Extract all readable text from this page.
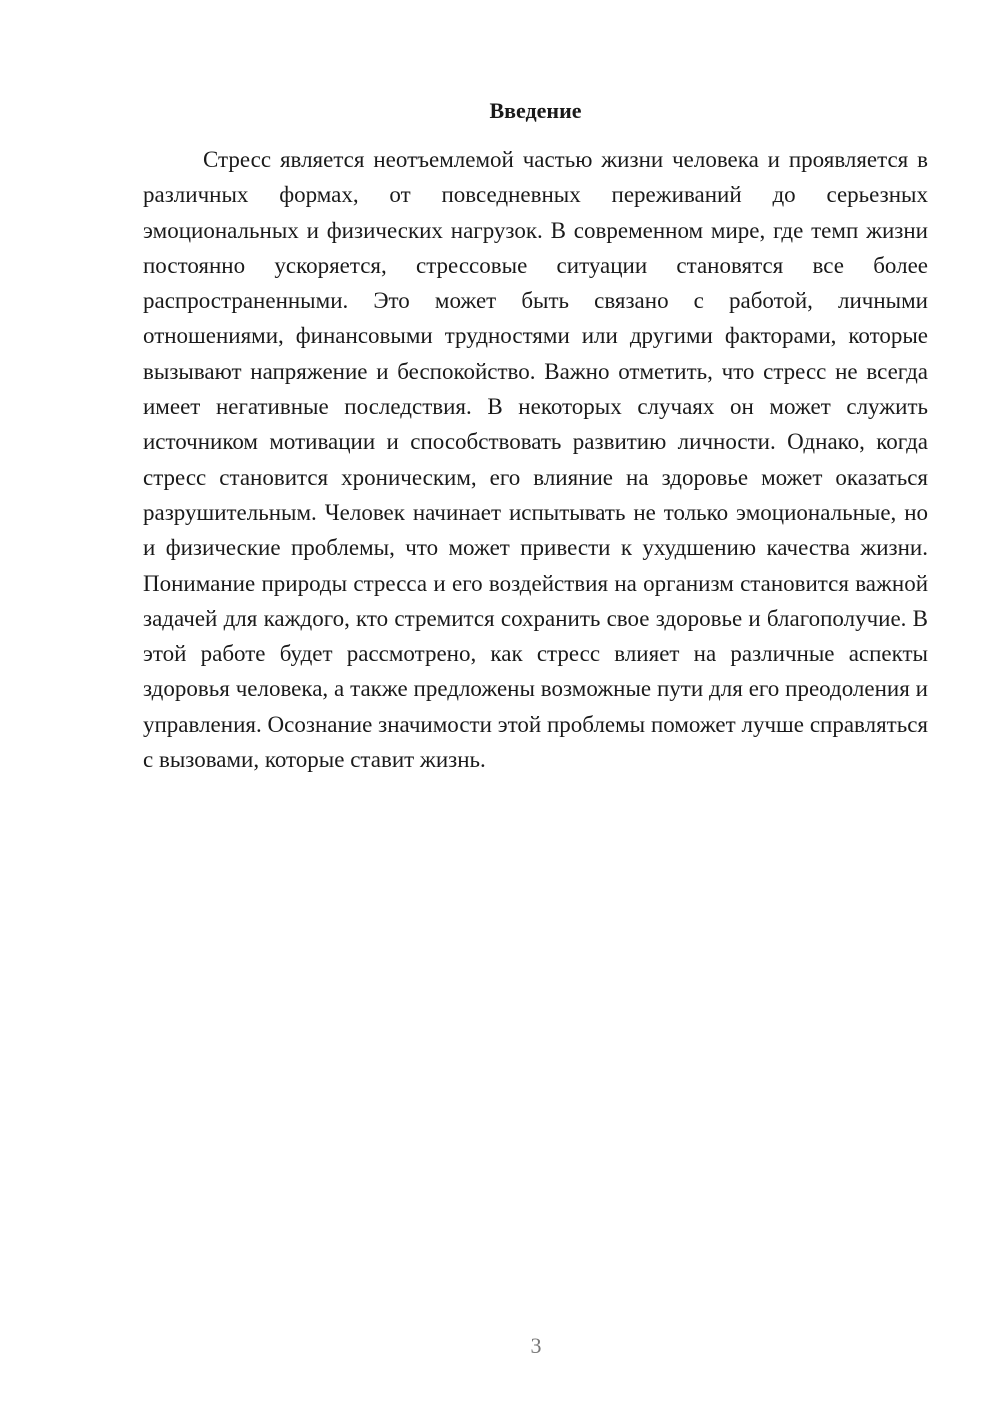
Введение

Стресс является неотъемлемой частью жизни человека и проявляется в различных формах, от повседневных переживаний до серьезных эмоциональных и физических нагрузок. В современном мире, где темп жизни постоянно ускоряется, стрессовые ситуации становятся все более распространенными. Это может быть связано с работой, личными отношениями, финансовыми трудностями или другими факторами, которые вызывают напряжение и беспокойство. Важно отметить, что стресс не всегда имеет негативные последствия. В некоторых случаях он может служить источником мотивации и способствовать развитию личности. Однако, когда стресс становится хроническим, его влияние на здоровье может оказаться разрушительным. Человек начинает испытывать не только эмоциональные, но и физические проблемы, что может привести к ухудшению качества жизни. Понимание природы стресса и его воздействия на организм становится важной задачей для каждого, кто стремится сохранить свое здоровье и благополучие. В этой работе будет рассмотрено, как стресс влияет на различные аспекты здоровья человека, а также предложены возможные пути для его преодоления и управления. Осознание значимости этой проблемы поможет лучше справляться с вызовами, которые ставит жизнь.

3
